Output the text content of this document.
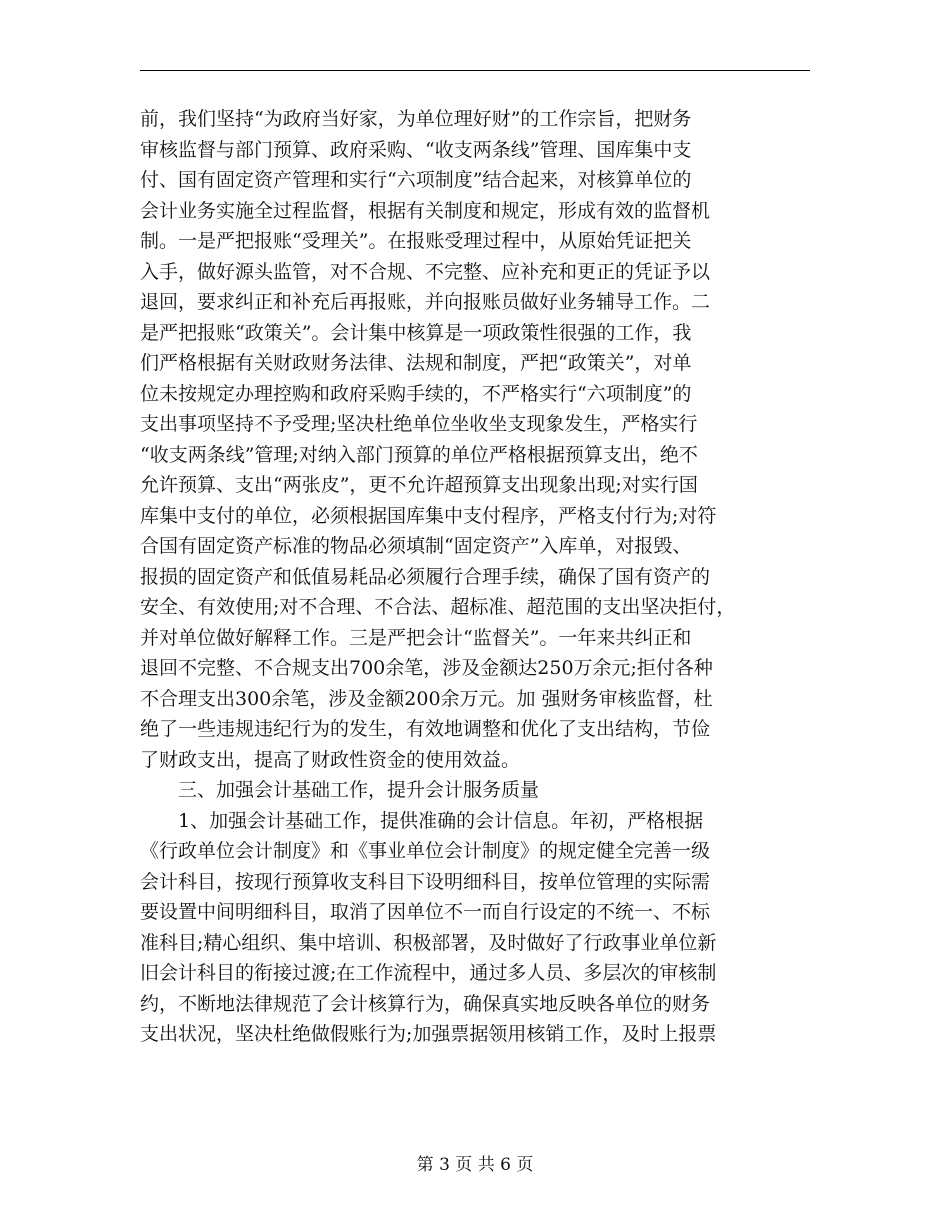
前，我们坚持“为政府当好家，为单位理好财”的工作宗旨，把财务
审核监督与部门预算、政府采购、“收支两条线”管理、国库集中支
付、国有固定资产管理和实行“六项制度”结合起来，对核算单位的
会计业务实施全过程监督，根据有关制度和规定，形成有效的监督机
制。一是严把报账“受理关”。在报账受理过程中，从原始凭证把关
入手，做好源头监管，对不合规、不完整、应补充和更正的凭证予以
退回，要求纠正和补充后再报账，并向报账员做好业务辅导工作。二
是严把报账“政策关”。会计集中核算是一项政策性很强的工作，我
们严格根据有关财政财务法律、法规和制度，严把“政策关”，对单
位未按规定办理控购和政府采购手续的，不严格实行“六项制度”的
支出事项坚持不予受理;坚决杜绝单位坐收坐支现象发生，严格实行
“收支两条线”管理;对纳入部门预算的单位严格根据预算支出，绝不
允许预算、支出“两张皮”，更不允许超预算支出现象出现;对实行国
库集中支付的单位，必须根据国库集中支付程序，严格支付行为;对符
合国有固定资产标准的物品必须填制“固定资产”入库单，对报毁、
报损的固定资产和低值易耗品必须履行合理手续，确保了国有资产的
安全、有效使用;对不合理、不合法、超标准、超范围的支出坚决拒付，
并对单位做好解释工作。三是严把会计“监督关”。一年来共纠正和
退回不完整、不合规支出700余笔，涉及金额达250万余元;拒付各种
不合理支出300余笔，涉及金额200余万元。加 强财务审核监督，杜
绝了一些违规违纪行为的发生，有效地调整和优化了支出结构，节俭
了财政支出，提高了财政性资金的使用效益。
三、加强会计基础工作，提升会计服务质量
1、加强会计基础工作，提供准确的会计信息。年初，严格根据
《行政单位会计制度》和《事业单位会计制度》的规定健全完善一级
会计科目，按现行预算收支科目下设明细科目，按单位管理的实际需
要设置中间明细科目，取消了因单位不一而自行设定的不统一、不标
准科目;精心组织、集中培训、积极部署，及时做好了行政事业单位新
旧会计科目的衔接过渡;在工作流程中，通过多人员、多层次的审核制
约，不断地法律规范了会计核算行为，确保真实地反映各单位的财务
支出状况，坚决杜绝做假账行为;加强票据领用核销工作，及时上报票
第 3 页 共 6 页
